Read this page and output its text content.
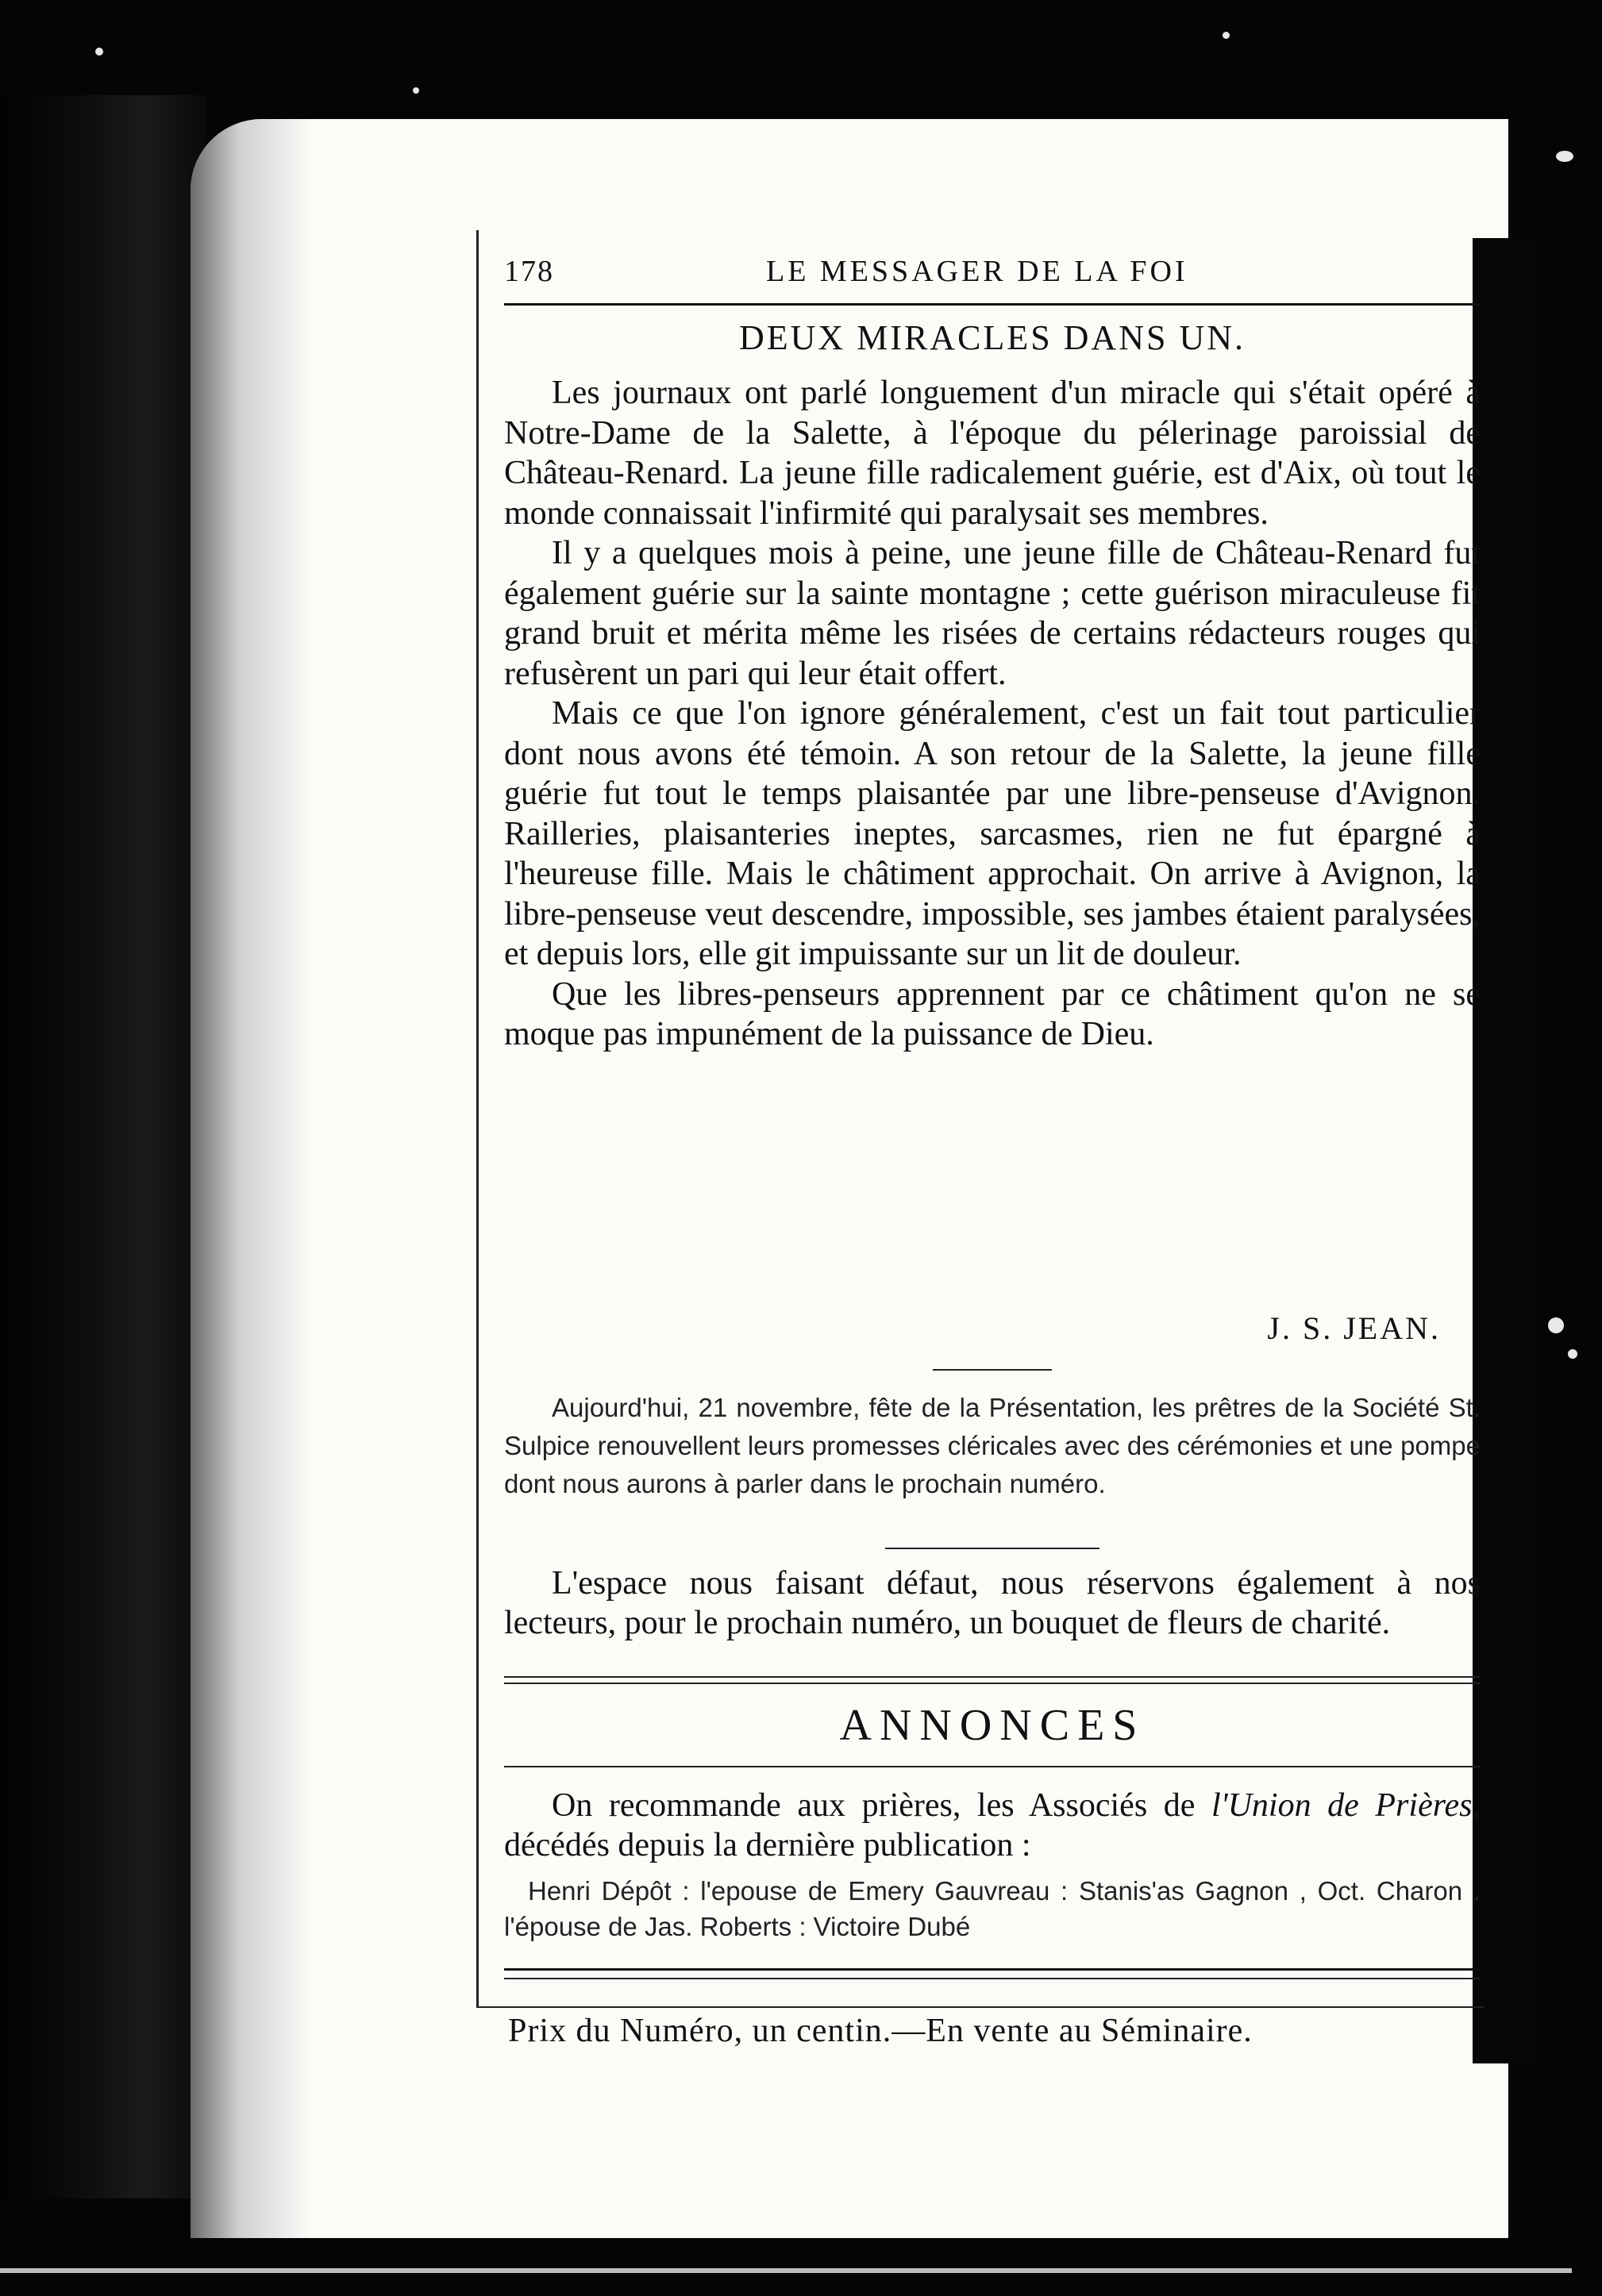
178	LE MESSAGER DE LA FOI
DEUX MIRACLES DANS UN.

Les journaux ont parlé longuement d'un miracle qui s'était opéré à Notre-Dame de la Salette, à l'époque du pélerinage paroissial de Château-Renard. La jeune fille radicalement guérie, est d'Aix, où tout le monde connaissait l'infirmité qui paralysait ses membres.

Il y a quelques mois à peine, une jeune fille de Château-Renard fut également guérie sur la sainte montagne ; cette guérison miraculeuse fit grand bruit et mérita même les risées de certains rédacteurs rouges qui refusèrent un pari qui leur était offert.

Mais ce que l'on ignore généralement, c'est un fait tout particulier dont nous avons été témoin. A son retour de la Salette, la jeune fille guérie fut tout le temps plaisantée par une libre-penseuse d'Avignon. Railleries, plaisanteries ineptes, sarcasmes, rien ne fut épargné à l'heureuse fille. Mais le châtiment approchait. On arrive à Avignon, la libre-penseuse veut descendre, impossible, ses jambes étaient paralysées, et depuis lors, elle git impuissante sur un lit de douleur.

Que les libres-penseurs apprennent par ce châtiment qu'on ne se moque pas impunément de la puissance de Dieu.

J. S. JEAN.

Aujourd'hui, 21 novembre, fête de la Présentation, les prêtres de la Société St. Sulpice renouvellent leurs promesses cléricales avec des cérémonies et une pompe dont nous aurons à parler dans le prochain numéro.

L'espace nous faisant défaut, nous réservons également à nos lecteurs, pour le prochain numéro, un bouquet de fleurs de charité.

ANNONCES

On recommande aux prières, les Associés de l'Union de Prières, décédés depuis la dernière publication :

Henri Dépôt : l'epouse de Emery Gauvreau : Stanis'as Gagnon , Oct. Charon . l'épouse de Jas. Roberts : Victoire Dubé

Prix du Numéro, un centin.—En vente au Séminaire.
